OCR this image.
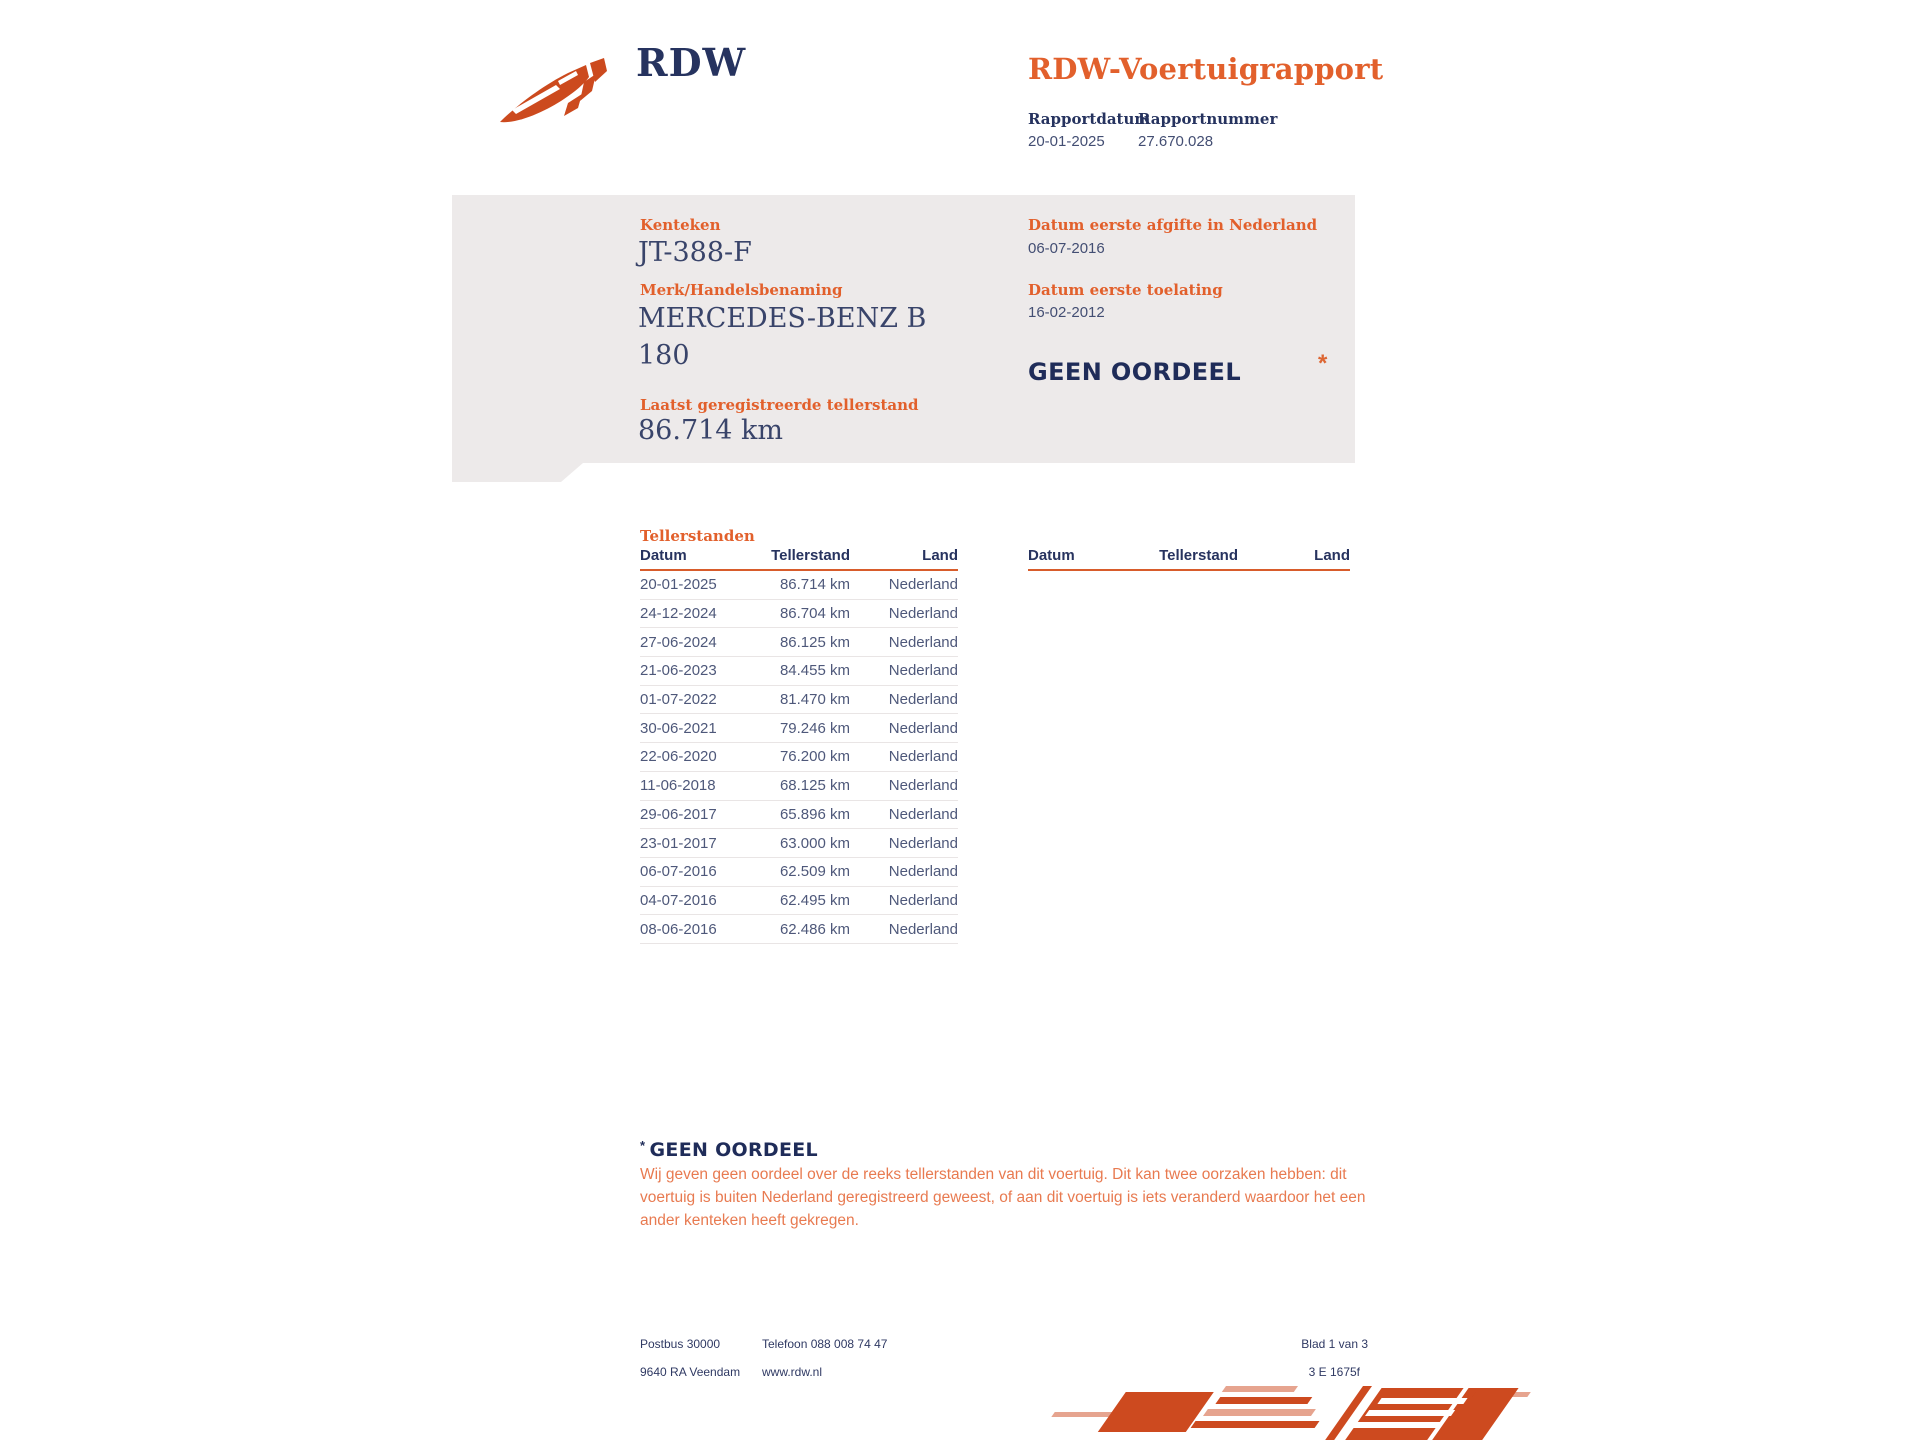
RDW	RDW-Voertuigrapport
Rapportdatum
Rapportnummer
20-01-2025 27.670.028
Kenteken
JT-388-F
Merk/Handelsbenaming
MERCEDES-BENZ B 180
Laatst geregistreerde tellerstand
86.714 km
Datum eerste afgifte in Nederland
06-07-2016
Datum eerste toelating
16-02-2012
GEEN OORDEEL	*
Tellerstanden
Datum	Tellerstand	Land
20-01-2025	86.714 km	Nederland
24-12-2024	86.704 km	Nederland
27-06-2024	86.125 km	Nederland
21-06-2023	84.455 km	Nederland
01-07-2022	81.470 km	Nederland
30-06-2021	79.246 km	Nederland
22-06-2020	76.200 km	Nederland
11-06-2018	68.125 km	Nederland
29-06-2017	65.896 km	Nederland
23-01-2017	63.000 km	Nederland
06-07-2016	62.509 km	Nederland
04-07-2016	62.495 km	Nederland
08-06-2016	62.486 km	Nederland
Datum	Tellerstand	Land
* GEEN OORDEEL
Wij geven geen oordeel over de reeks tellerstanden van dit voertuig. Dit kan twee oorzaken hebben: dit voertuig is buiten Nederland geregistreerd geweest, of aan dit voertuig is iets veranderd waardoor het een ander kenteken heeft gekregen.
Postbus 30000
9640 RA Veendam
Telefoon 088 008 74 47
www.rdw.nl
Blad 1 van 3
3 E 1675f
